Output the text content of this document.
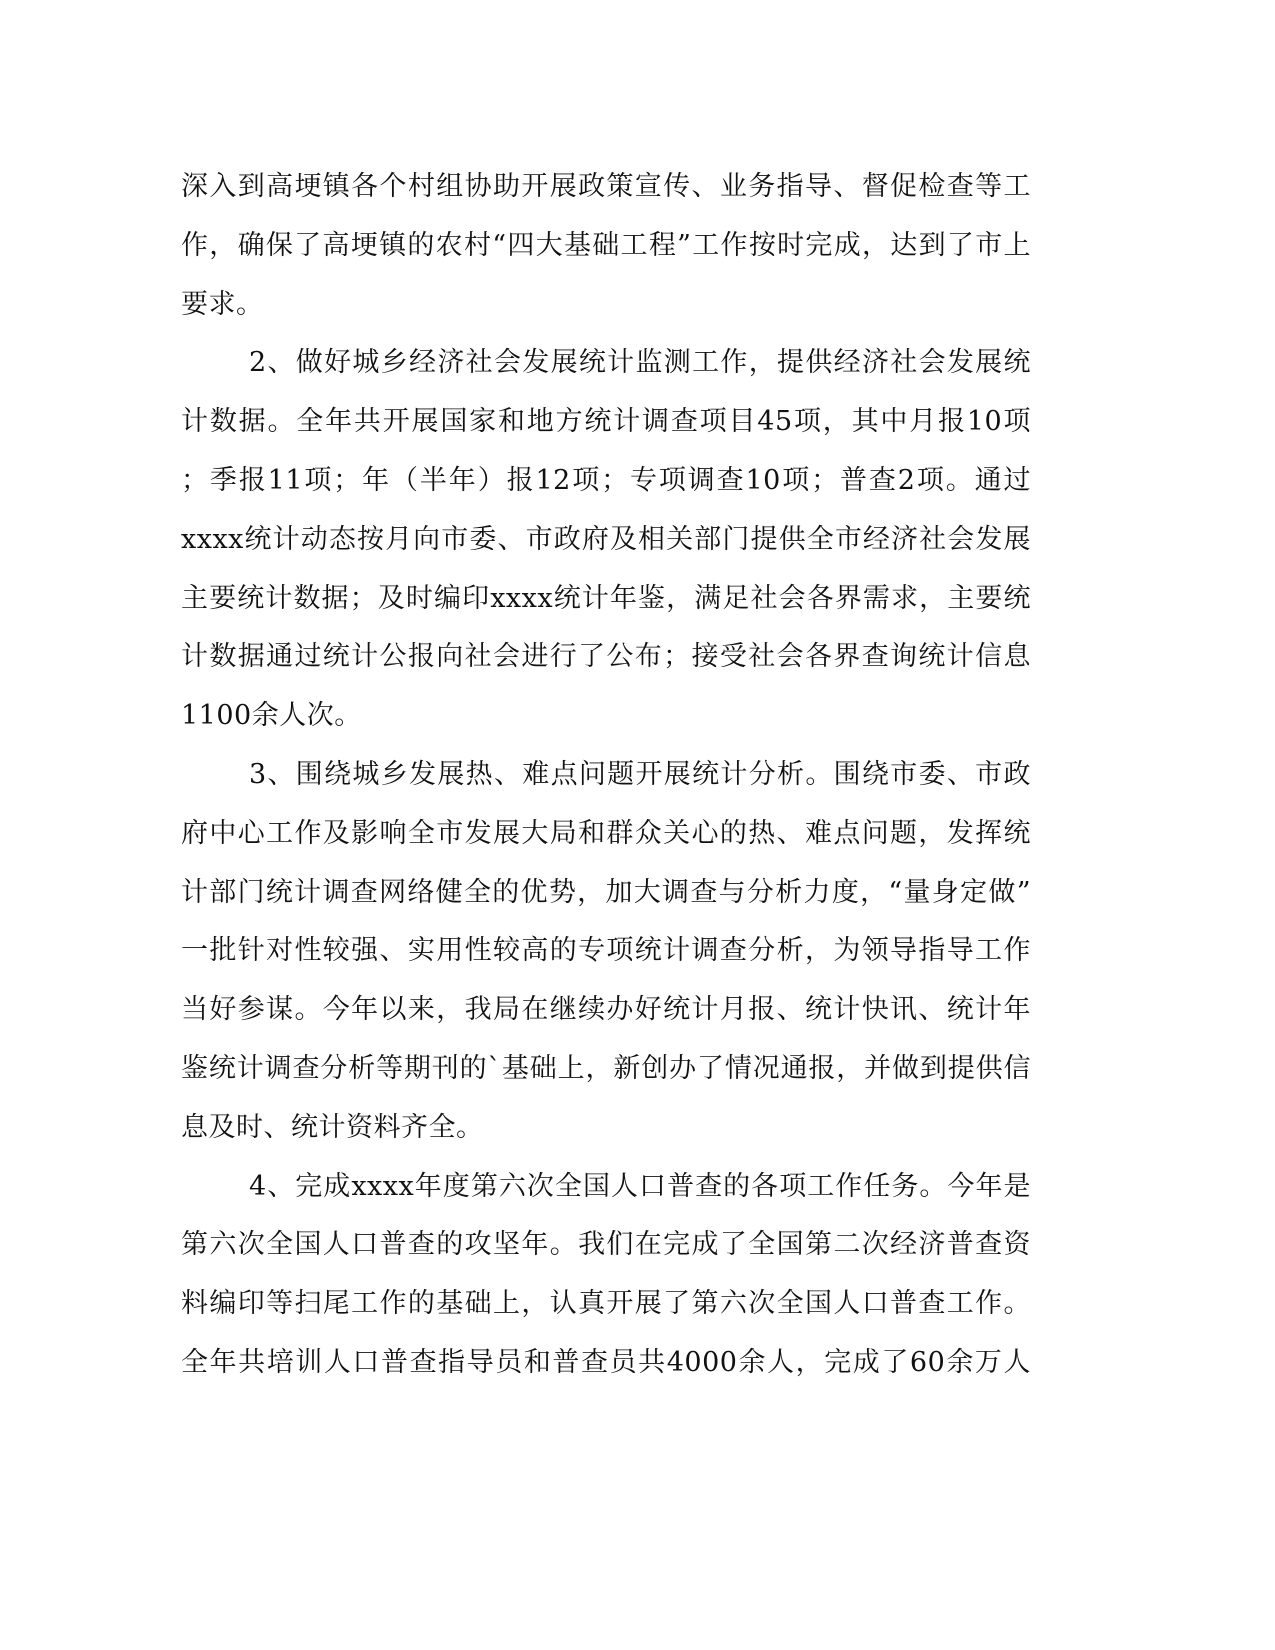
深入到高埂镇各个村组协助开展政策宣传、业务指导、督促检查等工
作，确保了高埂镇的农村“四大基础工程”工作按时完成，达到了市上
要求。
2、做好城乡经济社会发展统计监测工作，提供经济社会发展统
计数据。全年共开展国家和地方统计调查项目45项，其中月报10项
；季报11项；年（半年）报12项；专项调查10项；普查2项。通过
xxxx统计动态按月向市委、市政府及相关部门提供全市经济社会发展
主要统计数据；及时编印xxxx统计年鉴，满足社会各界需求，主要统
计数据通过统计公报向社会进行了公布；接受社会各界查询统计信息
1100余人次。
3、围绕城乡发展热、难点问题开展统计分析。围绕市委、市政
府中心工作及影响全市发展大局和群众关心的热、难点问题，发挥统
计部门统计调查网络健全的优势，加大调查与分析力度，“量身定做”
一批针对性较强、实用性较高的专项统计调查分析，为领导指导工作
当好参谋。今年以来，我局在继续办好统计月报、统计快讯、统计年
鉴统计调查分析等期刊的`基础上，新创办了情况通报，并做到提供信
息及时、统计资料齐全。
4、完成xxxx年度第六次全国人口普查的各项工作任务。今年是
第六次全国人口普查的攻坚年。我们在完成了全国第二次经济普查资
料编印等扫尾工作的基础上，认真开展了第六次全国人口普查工作。
全年共培训人口普查指导员和普查员共4000余人，完成了60余万人
